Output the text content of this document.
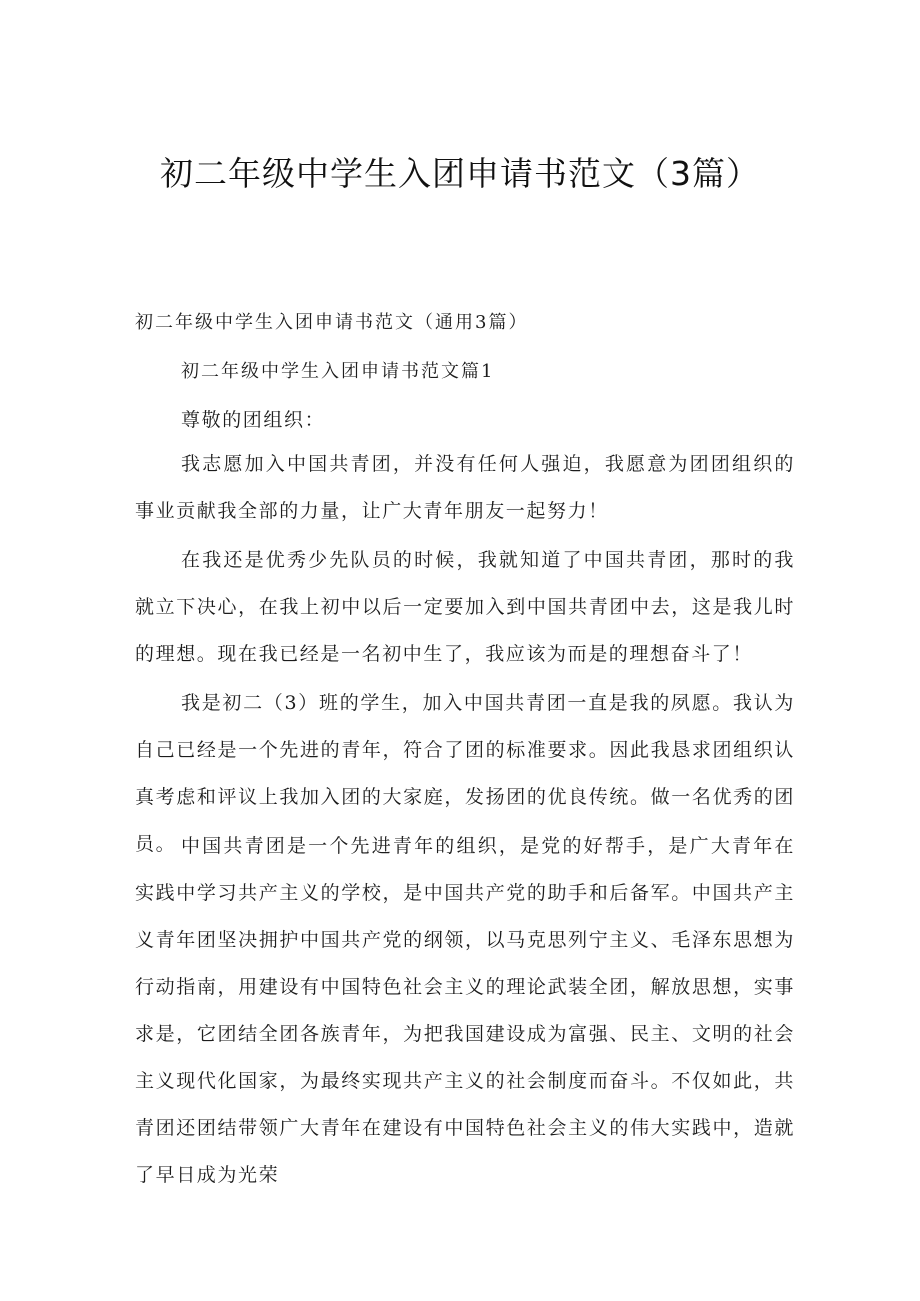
初二年级中学生入团申请书范文（3篇）

初二年级中学生入团申请书范文（通用3篇）

初二年级中学生入团申请书范文篇1

尊敬的团组织：

我志愿加入中国共青团，并没有任何人强迫，我愿意为团团组织的事业贡献我全部的力量，让广大青年朋友一起努力！

在我还是优秀少先队员的时候，我就知道了中国共青团，那时的我就立下决心，在我上初中以后一定要加入到中国共青团中去，这是我儿时的理想。现在我已经是一名初中生了，我应该为而是的理想奋斗了！

我是初二（3）班的学生，加入中国共青团一直是我的夙愿。我认为自己已经是一个先进的青年，符合了团的标准要求。因此我恳求团组织认真考虑和评议上我加入团的大家庭，发扬团的优良传统。做一名优秀的团员。 中国共青团是一个先进青年的组织，是党的好帮手，是广大青年在实践中学习共产主义的学校，是中国共产党的助手和后备军。中国共产主义青年团坚决拥护中国共产党的纲领，以马克思列宁主义、毛泽东思想为行动指南，用建设有中国特色社会主义的理论武装全团，解放思想，实事求是，它团结全团各族青年，为把我国建设成为富强、民主、文明的社会主义现代化国家，为最终实现共产主义的社会制度而奋斗。不仅如此，共青团还团结带领广大青年在建设有中国特色社会主义的伟大实践中，造就了早日成为光荣
